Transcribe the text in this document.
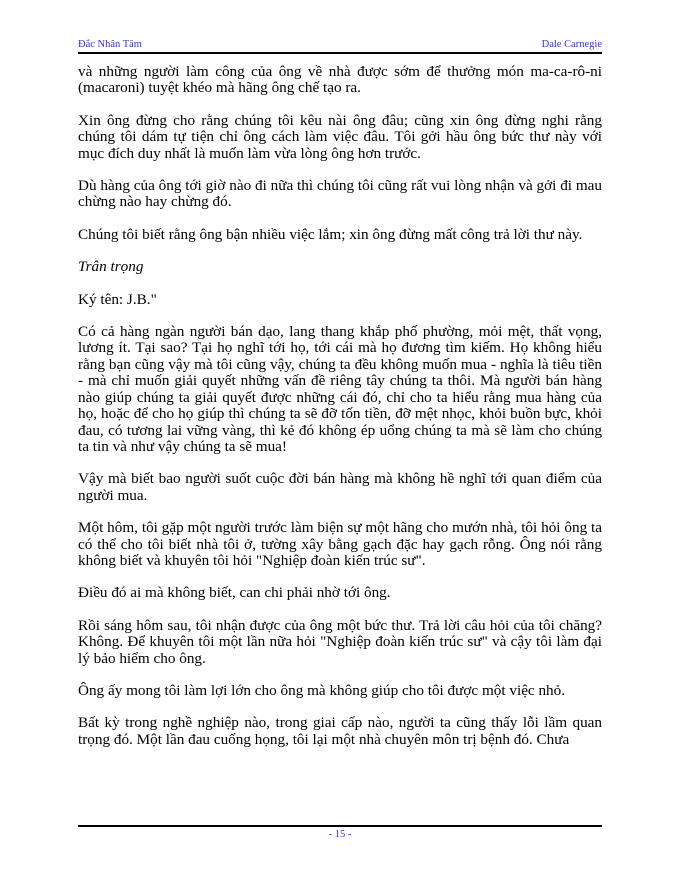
Đắc Nhân Tâm	Dale Carnegie

và những người làm công của ông về nhà được sớm để thưởng món ma-ca-rô-ni (macaroni) tuyệt khéo mà hãng ông chế tạo ra.

Xin ông đừng cho rằng chúng tôi kêu nài ông đâu; cũng xin ông đừng nghi rằng chúng tôi dám tự tiện chỉ ông cách làm việc đâu. Tôi gởi hầu ông bức thư này với mục đích duy nhất là muốn làm vừa lòng ông hơn trước.

Dù hàng của ông tới giờ nào đi nữa thì chúng tôi cũng rất vui lòng nhận và gởi đi mau chừng nào hay chừng đó.

Chúng tôi biết rằng ông bận nhiều việc lắm; xin ông đừng mất công trả lời thư này.

Trân trọng

Ký tên: J.B."

Có cả hàng ngàn người bán dạo, lang thang khắp phố phường, mỏi mệt, thất vọng, lương ít. Tại sao? Tại họ nghĩ tới họ, tới cái mà họ đương tìm kiếm. Họ không hiểu rằng bạn cũng vậy mà tôi cũng vậy, chúng ta đều không muốn mua - nghĩa là tiêu tiền - mà chỉ muốn giải quyết những vấn đề riêng tây chúng ta thôi. Mà người bán hàng nào giúp chúng ta giải quyết được những cái đó, chỉ cho ta hiểu rằng mua hàng của họ, hoặc để cho họ giúp thì chúng ta sẽ đỡ tốn tiền, đỡ mệt nhọc, khỏi buồn bực, khỏi đau, có tương lai vững vàng, thì kẻ đó không ép uổng chúng ta mà sẽ làm cho chúng ta tin và như vậy chúng ta sẽ mua!

Vậy mà biết bao người suốt cuộc đời bán hàng mà không hề nghĩ tới quan điểm của người mua.

Một hôm, tôi gặp một người trước làm biện sự một hãng cho mướn nhà, tôi hỏi ông ta có thể cho tôi biết nhà tôi ở, tường xây bằng gạch đặc hay gạch rỗng. Ông nói rằng không biết và khuyên tôi hỏi "Nghiệp đoàn kiến trúc sư".

Điều đó ai mà không biết, can chi phải nhờ tới ông.

Rồi sáng hôm sau, tôi nhận được của ông một bức thư. Trả lời câu hỏi của tôi chăng? Không. Để khuyên tôi một lần nữa hỏi "Nghiệp đoàn kiến trúc sư" và cậy tôi làm đại lý bảo hiểm cho ông.

Ông ấy mong tôi làm lợi lớn cho ông mà không giúp cho tôi được một việc nhỏ.

Bất kỳ trong nghề nghiệp nào, trong giai cấp nào, người ta cũng thấy lỗi lầm quan trọng đó. Một lần đau cuống họng, tôi lại một nhà chuyên môn trị bệnh đó. Chưa

- 15 -
